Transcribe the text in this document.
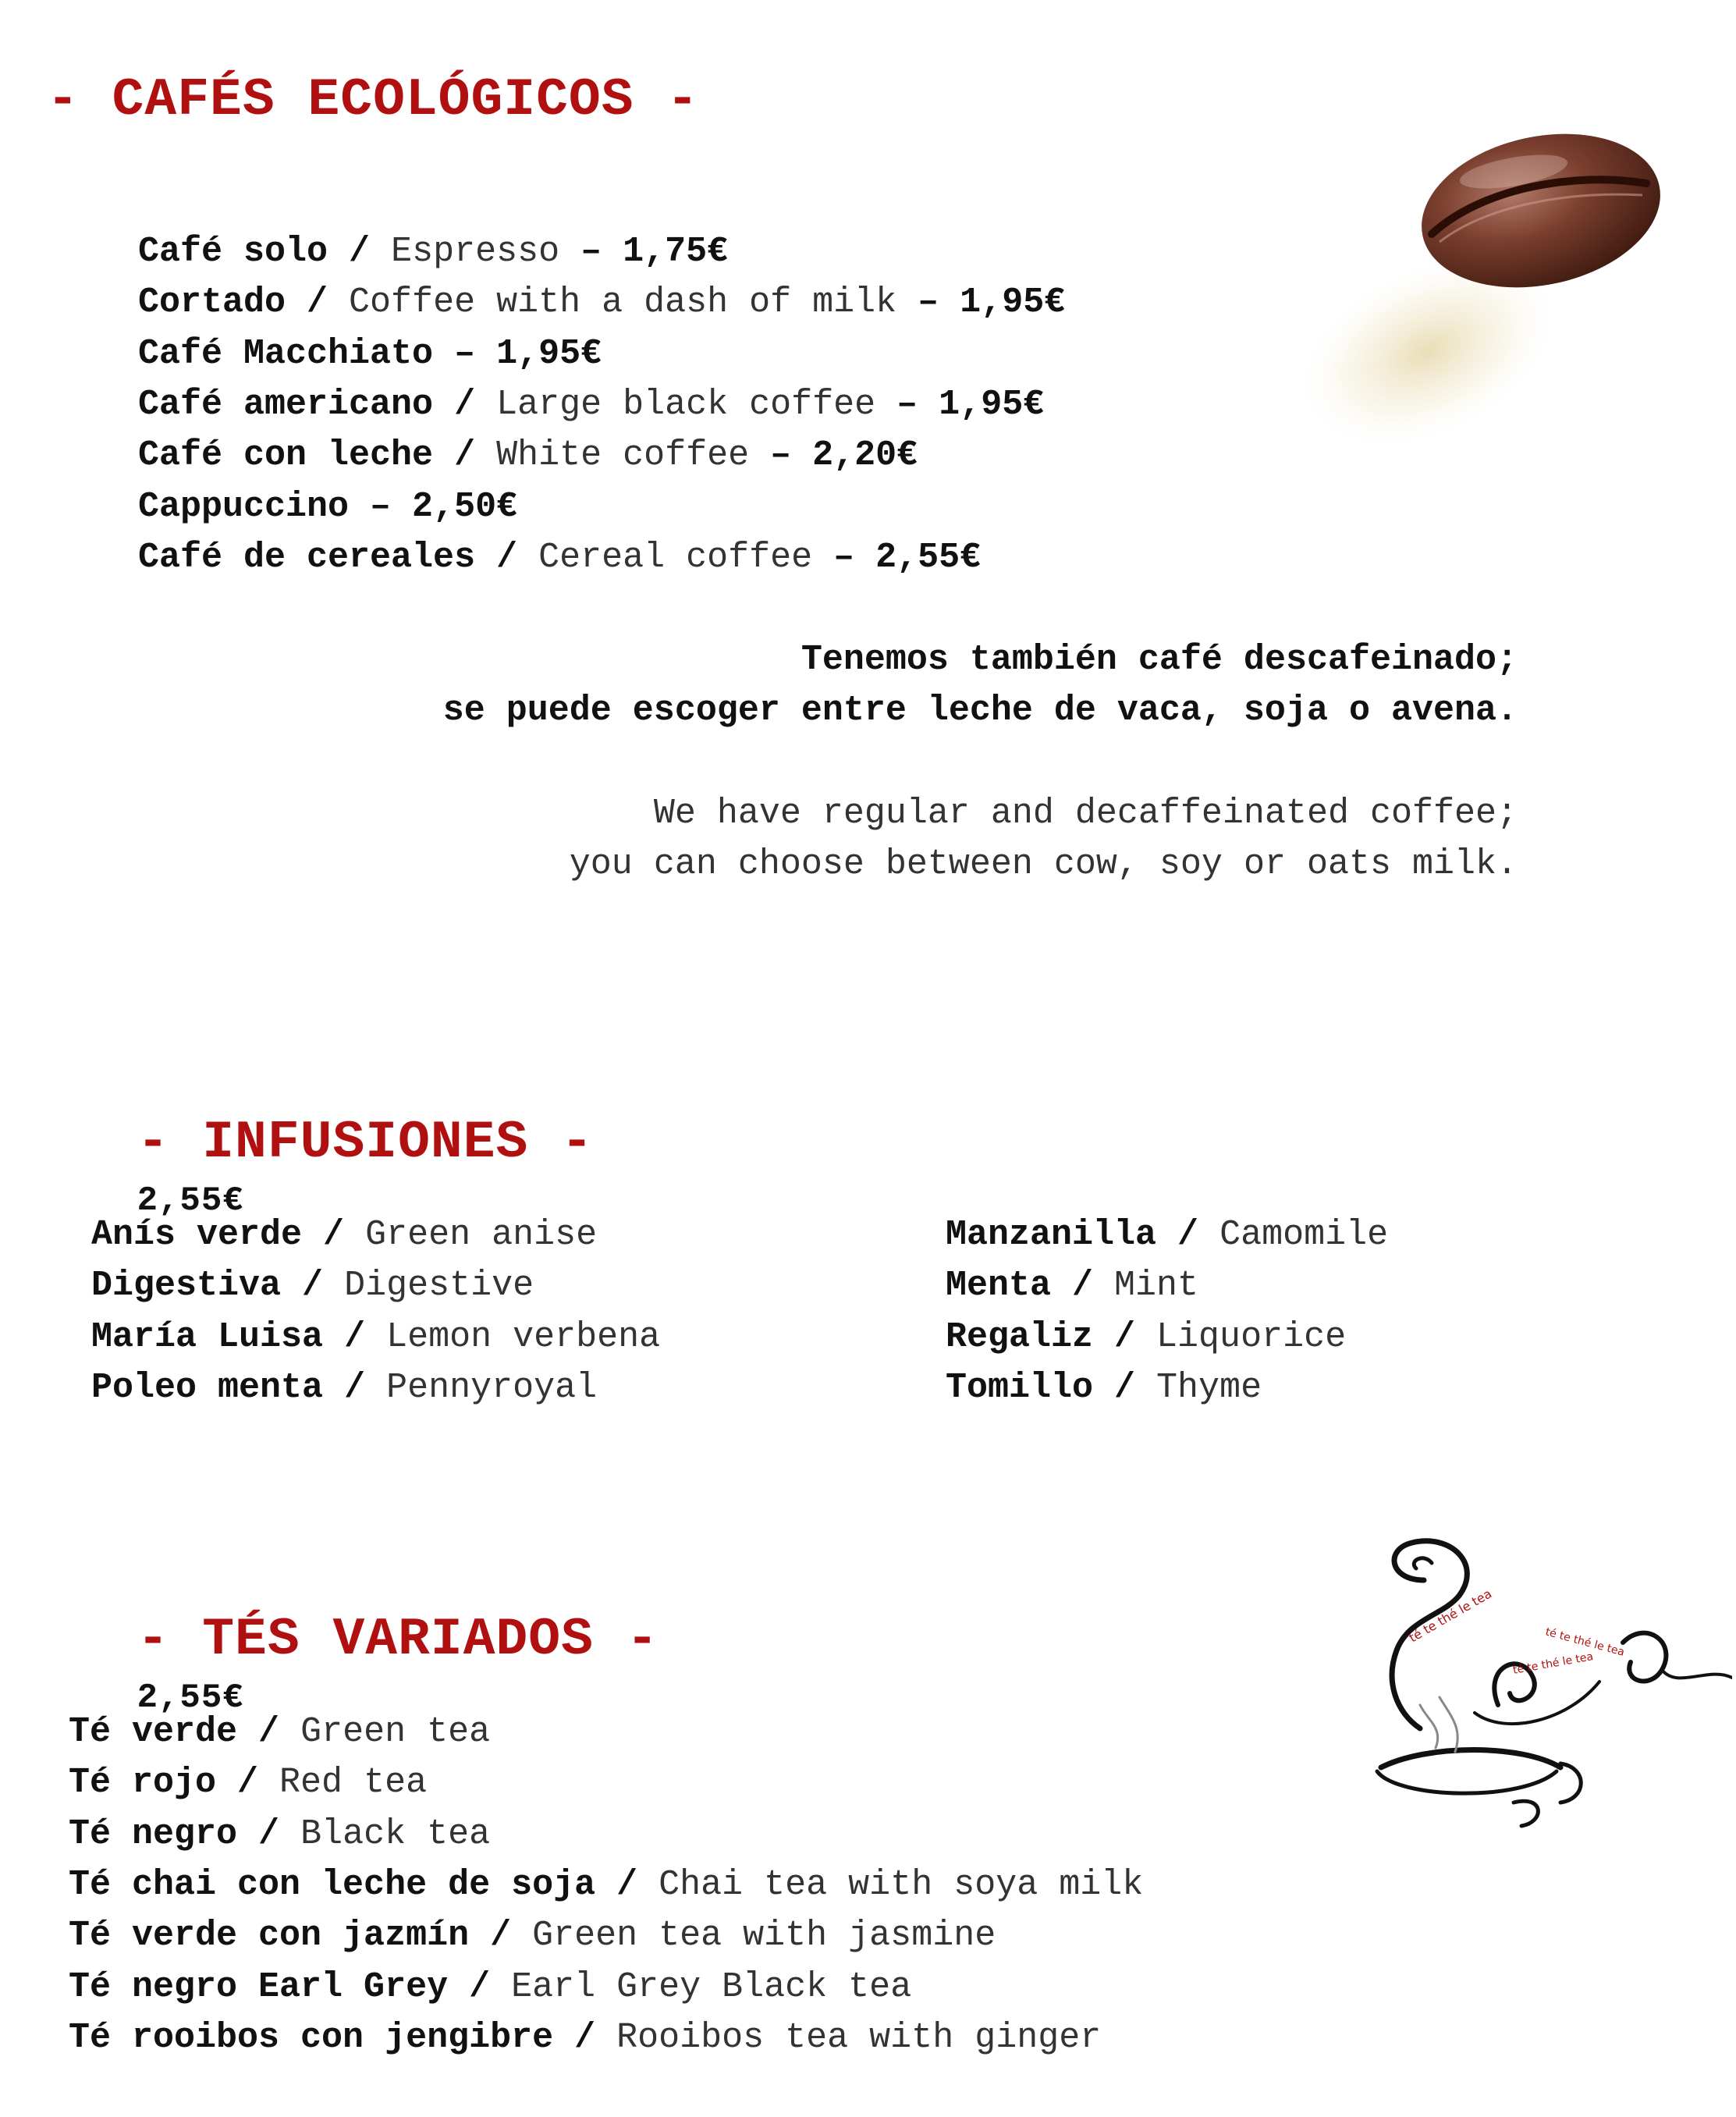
- CAFÉS ECOLÓGICOS -
Café solo / Espresso – 1,75€
Cortado / Coffee with a dash of milk – 1,95€
Café Macchiato – 1,95€
Café americano / Large black coffee – 1,95€
Café con leche / White coffee – 2,20€
Cappuccino – 2,50€
Café de cereales / Cereal coffee – 2,55€
Tenemos también café descafeinado;
se puede escoger entre leche de vaca, soja o avena.
We have regular and decaffeinated coffee;
you can choose between cow, soy or oats milk.

- INFUSIONES -
2,55€

Anís verde / Green anise
Digestiva / Digestive
María Luisa / Lemon verbena
Poleo menta / Pennyroyal
Manzanilla / Camomile
Menta / Mint
Regaliz / Liquorice
Tomillo / Thyme

- TÉS VARIADOS -
2,55€

Té verde / Green tea
Té rojo / Red tea
Té negro / Black tea
Té chai con leche de soja / Chai tea with soya milk
Té verde con jazmín / Green tea with jasmine
Té negro Earl Grey / Earl Grey Black tea
Té rooibos con jengibre / Rooibos tea with ginger
té te thé le tea
té te thé le tea
té te thé le tea
